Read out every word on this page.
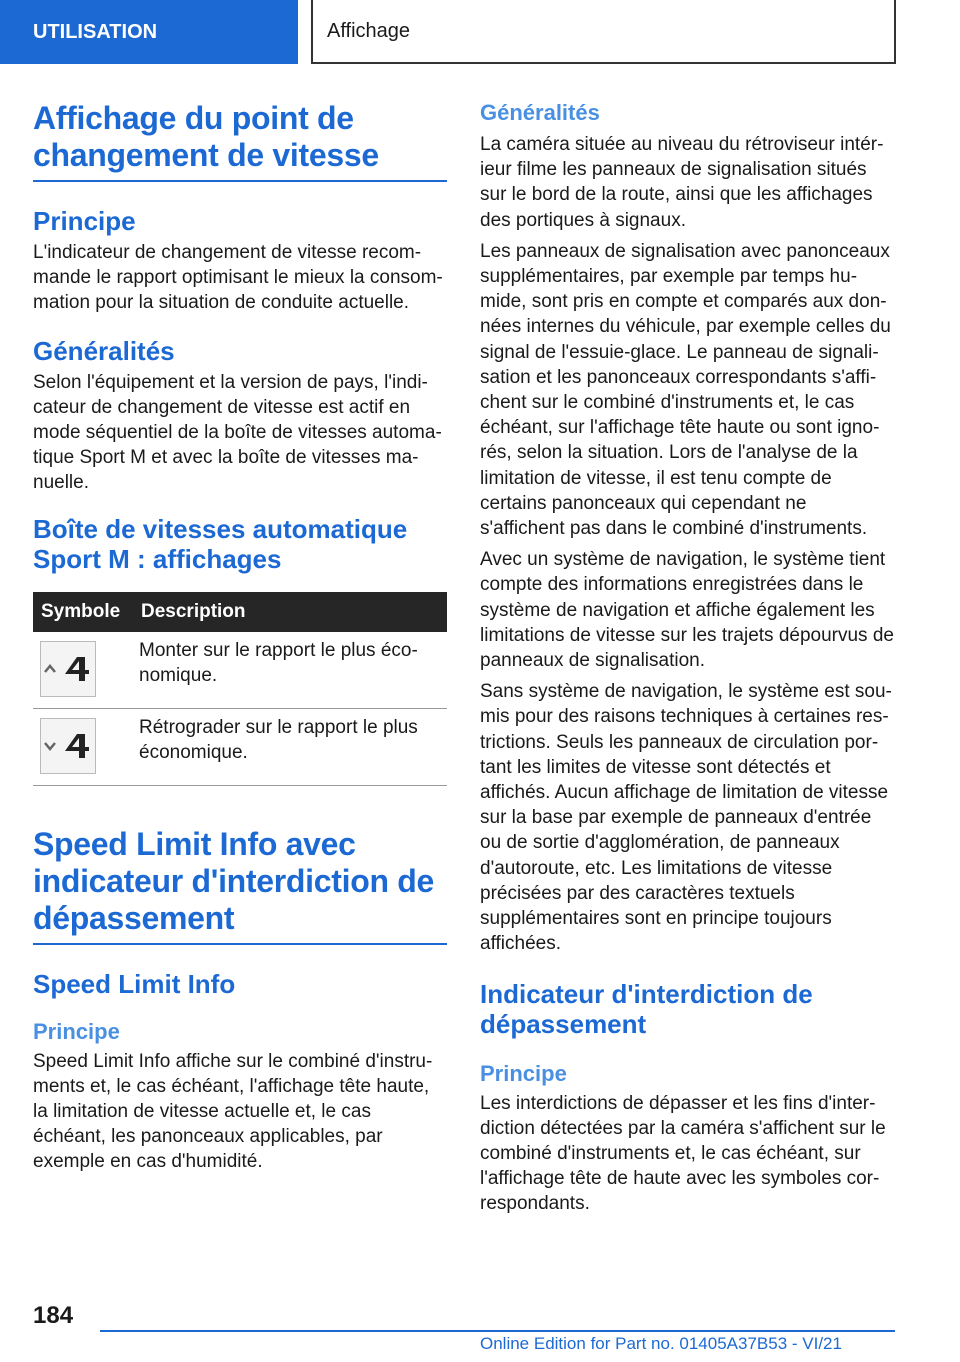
UTILISATION	Affichage
Affichage du point de changement de vitesse
Principe

L'indicateur de changement de vitesse recommande le rapport optimisant le mieux la consommation pour la situation de conduite actuelle.

Généralités

Selon l'équipement et la version de pays, l'indicateur de changement de vitesse est actif en mode séquentiel de la boîte de vitesses automatique Sport M et avec la boîte de vitesses manuelle.

Boîte de vitesses automatique Sport M : affichages
Symbole	Description

	Monter sur le rapport le plus économique.

	Rétrograder sur le rapport le plus économique.
Speed Limit Info avec indicateur d'interdiction de dépassement
Speed Limit Info
Principe

Speed Limit Info affiche sur le combiné d'instruments et, le cas échéant, l'affichage tête haute, la limitation de vitesse actuelle et, le cas échéant, les panonceaux applicables, par exemple en cas d'humidité.

Généralités

La caméra située au niveau du rétroviseur intérieur filme les panneaux de signalisation situés sur le bord de la route, ainsi que les affichages des portiques à signaux.

Les panneaux de signalisation avec panonceaux supplémentaires, par exemple par temps humide, sont pris en compte et comparés aux données internes du véhicule, par exemple celles du signal de l'essuie-glace. Le panneau de signalisation et les panonceaux correspondants s'affichent sur le combiné d'instruments et, le cas échéant, sur l'affichage tête haute ou sont ignorés, selon la situation. Lors de l'analyse de la limitation de vitesse, il est tenu compte de certains panonceaux qui cependant ne s'affichent pas dans le combiné d'instruments.

Avec un système de navigation, le système tient compte des informations enregistrées dans le système de navigation et affiche également les limitations de vitesse sur les trajets dépourvus de panneaux de signalisation.

Sans système de navigation, le système est soumis pour des raisons techniques à certaines restrictions. Seuls les panneaux de circulation portant les limites de vitesse sont détectés et affichés. Aucun affichage de limitation de vitesse sur la base par exemple de panneaux d'entrée ou de sortie d'agglomération, de panneaux d'autoroute, etc. Les limitations de vitesse précisées par des caractères textuels supplémentaires sont en principe toujours affichées.

Indicateur d'interdiction de dépassement
Principe

Les interdictions de dépasser et les fins d'interdiction détectées par la caméra s'affichent sur le combiné d'instruments et, le cas échéant, sur l'affichage tête de haute avec les symboles correspondants.

184
Online Edition for Part no. 01405A37B53 - VI/21
